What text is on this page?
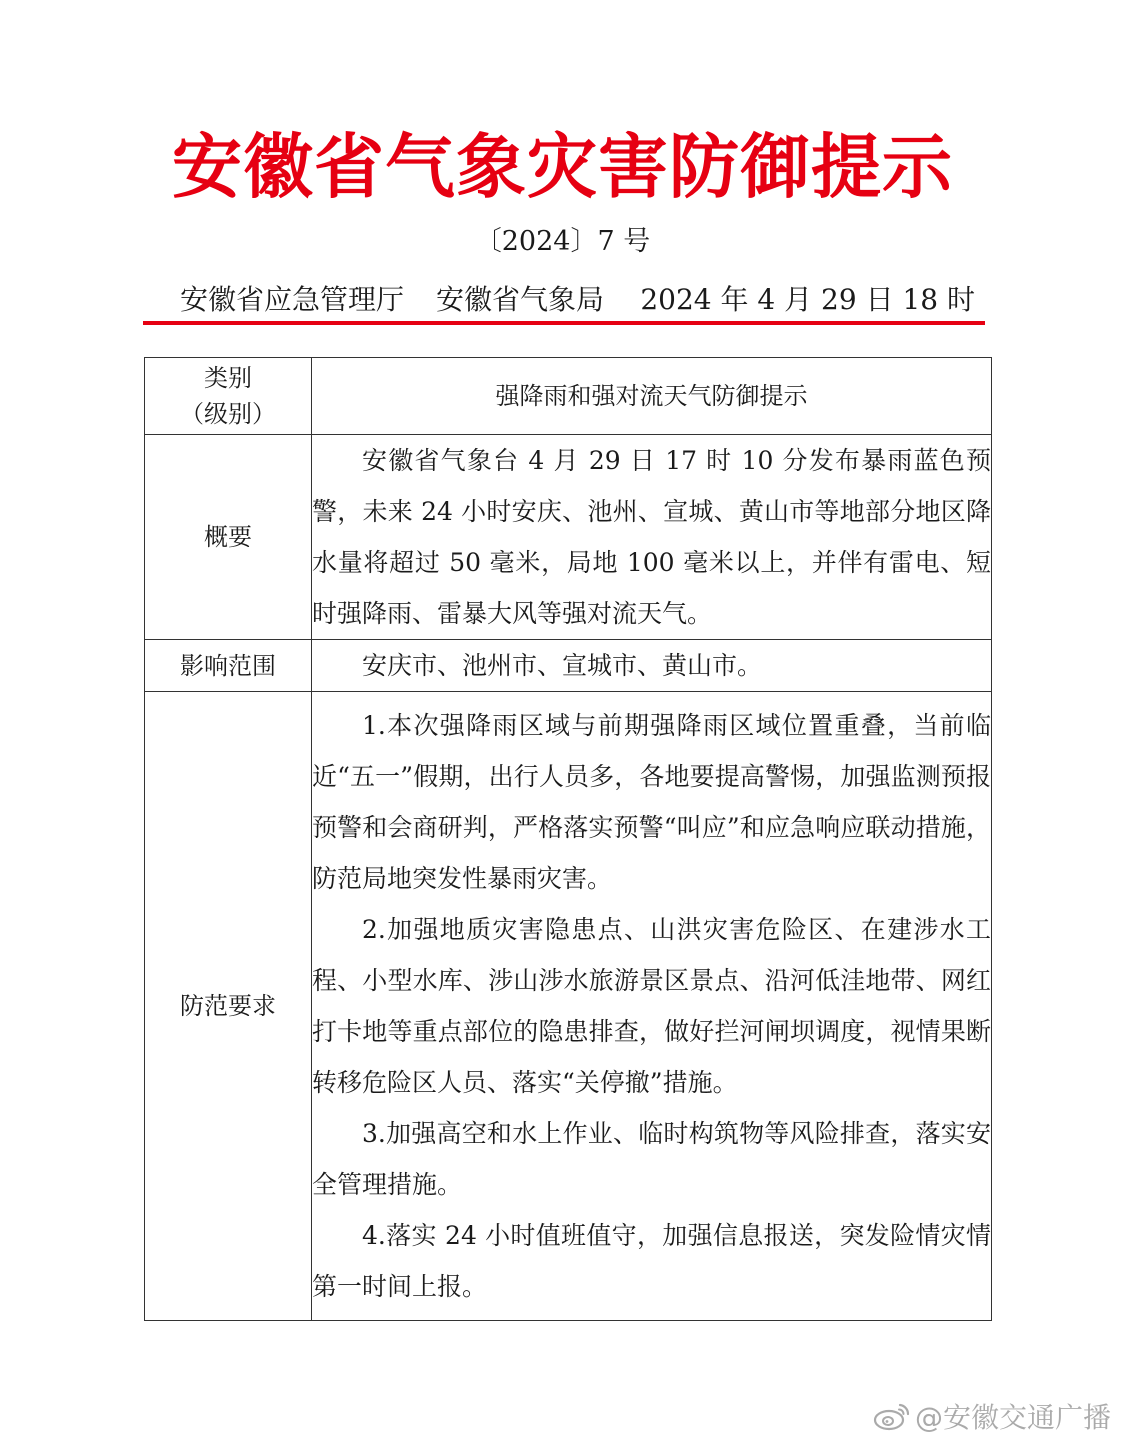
安徽省气象灾害防御提示
〔2024〕7 号
安徽省应急管理厅 安徽省气象局 2024 年 4 月 29 日 18 时
类别
（级别）	强降雨和强对流天气防御提示
概要	安徽省气象台 4 月 29 日 17 时 10 分发布暴雨蓝色预警，未来 24 小时安庆、池州、宣城、黄山市等地部分地区降水量将超过 50 毫米，局地 100 毫米以上，并伴有雷电、短时强降雨、雷暴大风等强对流天气。

影响范围	安庆市、池州市、宣城市、黄山市。

防范要求	1.本次强降雨区域与前期强降雨区域位置重叠，当前临近“五一”假期，出行人员多，各地要提高警惕，加强监测预报预警和会商研判，严格落实预警“叫应”和应急响应联动措施，防范局地突发性暴雨灾害。

2.加强地质灾害隐患点、山洪灾害危险区、在建涉水工程、小型水库、涉山涉水旅游景区景点、沿河低洼地带、网红打卡地等重点部位的隐患排查，做好拦河闸坝调度，视情果断转移危险区人员、落实“关停撤”措施。

3.加强高空和水上作业、临时构筑物等风险排查，落实安全管理措施。

4.落实 24 小时值班值守，加强信息报送，突发险情灾情第一时间上报。

@安徽交通广播
